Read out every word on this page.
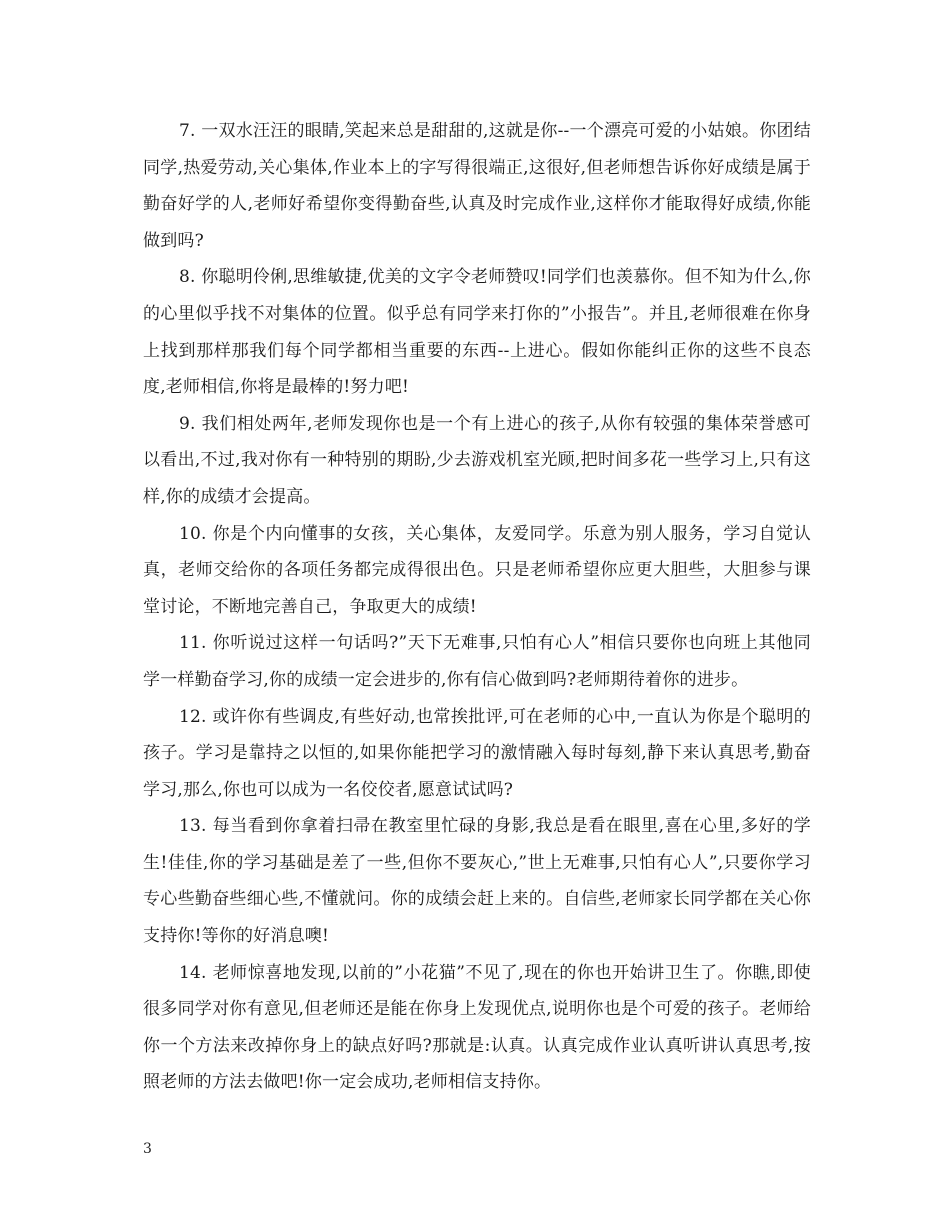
7. 一双水汪汪的眼睛,笑起来总是甜甜的,这就是你--一个漂亮可爱的小姑娘。你团结同学,热爱劳动,关心集体,作业本上的字写得很端正,这很好,但老师想告诉你好成绩是属于勤奋好学的人,老师好希望你变得勤奋些,认真及时完成作业,这样你才能取得好成绩,你能做到吗?

8. 你聪明伶俐,思维敏捷,优美的文字令老师赞叹!同学们也羡慕你。但不知为什么,你的心里似乎找不对集体的位置。似乎总有同学来打你的”小报告”。并且,老师很难在你身上找到那样那我们每个同学都相当重要的东西--上进心。假如你能纠正你的这些不良态度,老师相信,你将是最棒的!努力吧!

9. 我们相处两年,老师发现你也是一个有上进心的孩子,从你有较强的集体荣誉感可以看出,不过,我对你有一种特别的期盼,少去游戏机室光顾,把时间多花一些学习上,只有这样,你的成绩才会提高。

10. 你是个内向懂事的女孩，关心集体，友爱同学。乐意为别人服务，学习自觉认真，老师交给你的各项任务都完成得很出色。只是老师希望你应更大胆些，大胆参与课堂讨论，不断地完善自己，争取更大的成绩!

11. 你听说过这样一句话吗?”天下无难事,只怕有心人”相信只要你也向班上其他同学一样勤奋学习,你的成绩一定会进步的,你有信心做到吗?老师期待着你的进步。

12. 或许你有些调皮,有些好动,也常挨批评,可在老师的心中,一直认为你是个聪明的孩子。学习是靠持之以恒的,如果你能把学习的激情融入每时每刻,静下来认真思考,勤奋学习,那么,你也可以成为一名佼佼者,愿意试试吗?

13. 每当看到你拿着扫帚在教室里忙碌的身影,我总是看在眼里,喜在心里,多好的学生!佳佳,你的学习基础是差了一些,但你不要灰心,”世上无难事,只怕有心人”,只要你学习专心些勤奋些细心些,不懂就问。你的成绩会赶上来的。自信些,老师家长同学都在关心你支持你!等你的好消息噢!

14. 老师惊喜地发现,以前的”小花猫”不见了,现在的你也开始讲卫生了。你瞧,即使很多同学对你有意见,但老师还是能在你身上发现优点,说明你也是个可爱的孩子。老师给你一个方法来改掉你身上的缺点好吗?那就是:认真。认真完成作业认真听讲认真思考,按照老师的方法去做吧!你一定会成功,老师相信支持你。

3
